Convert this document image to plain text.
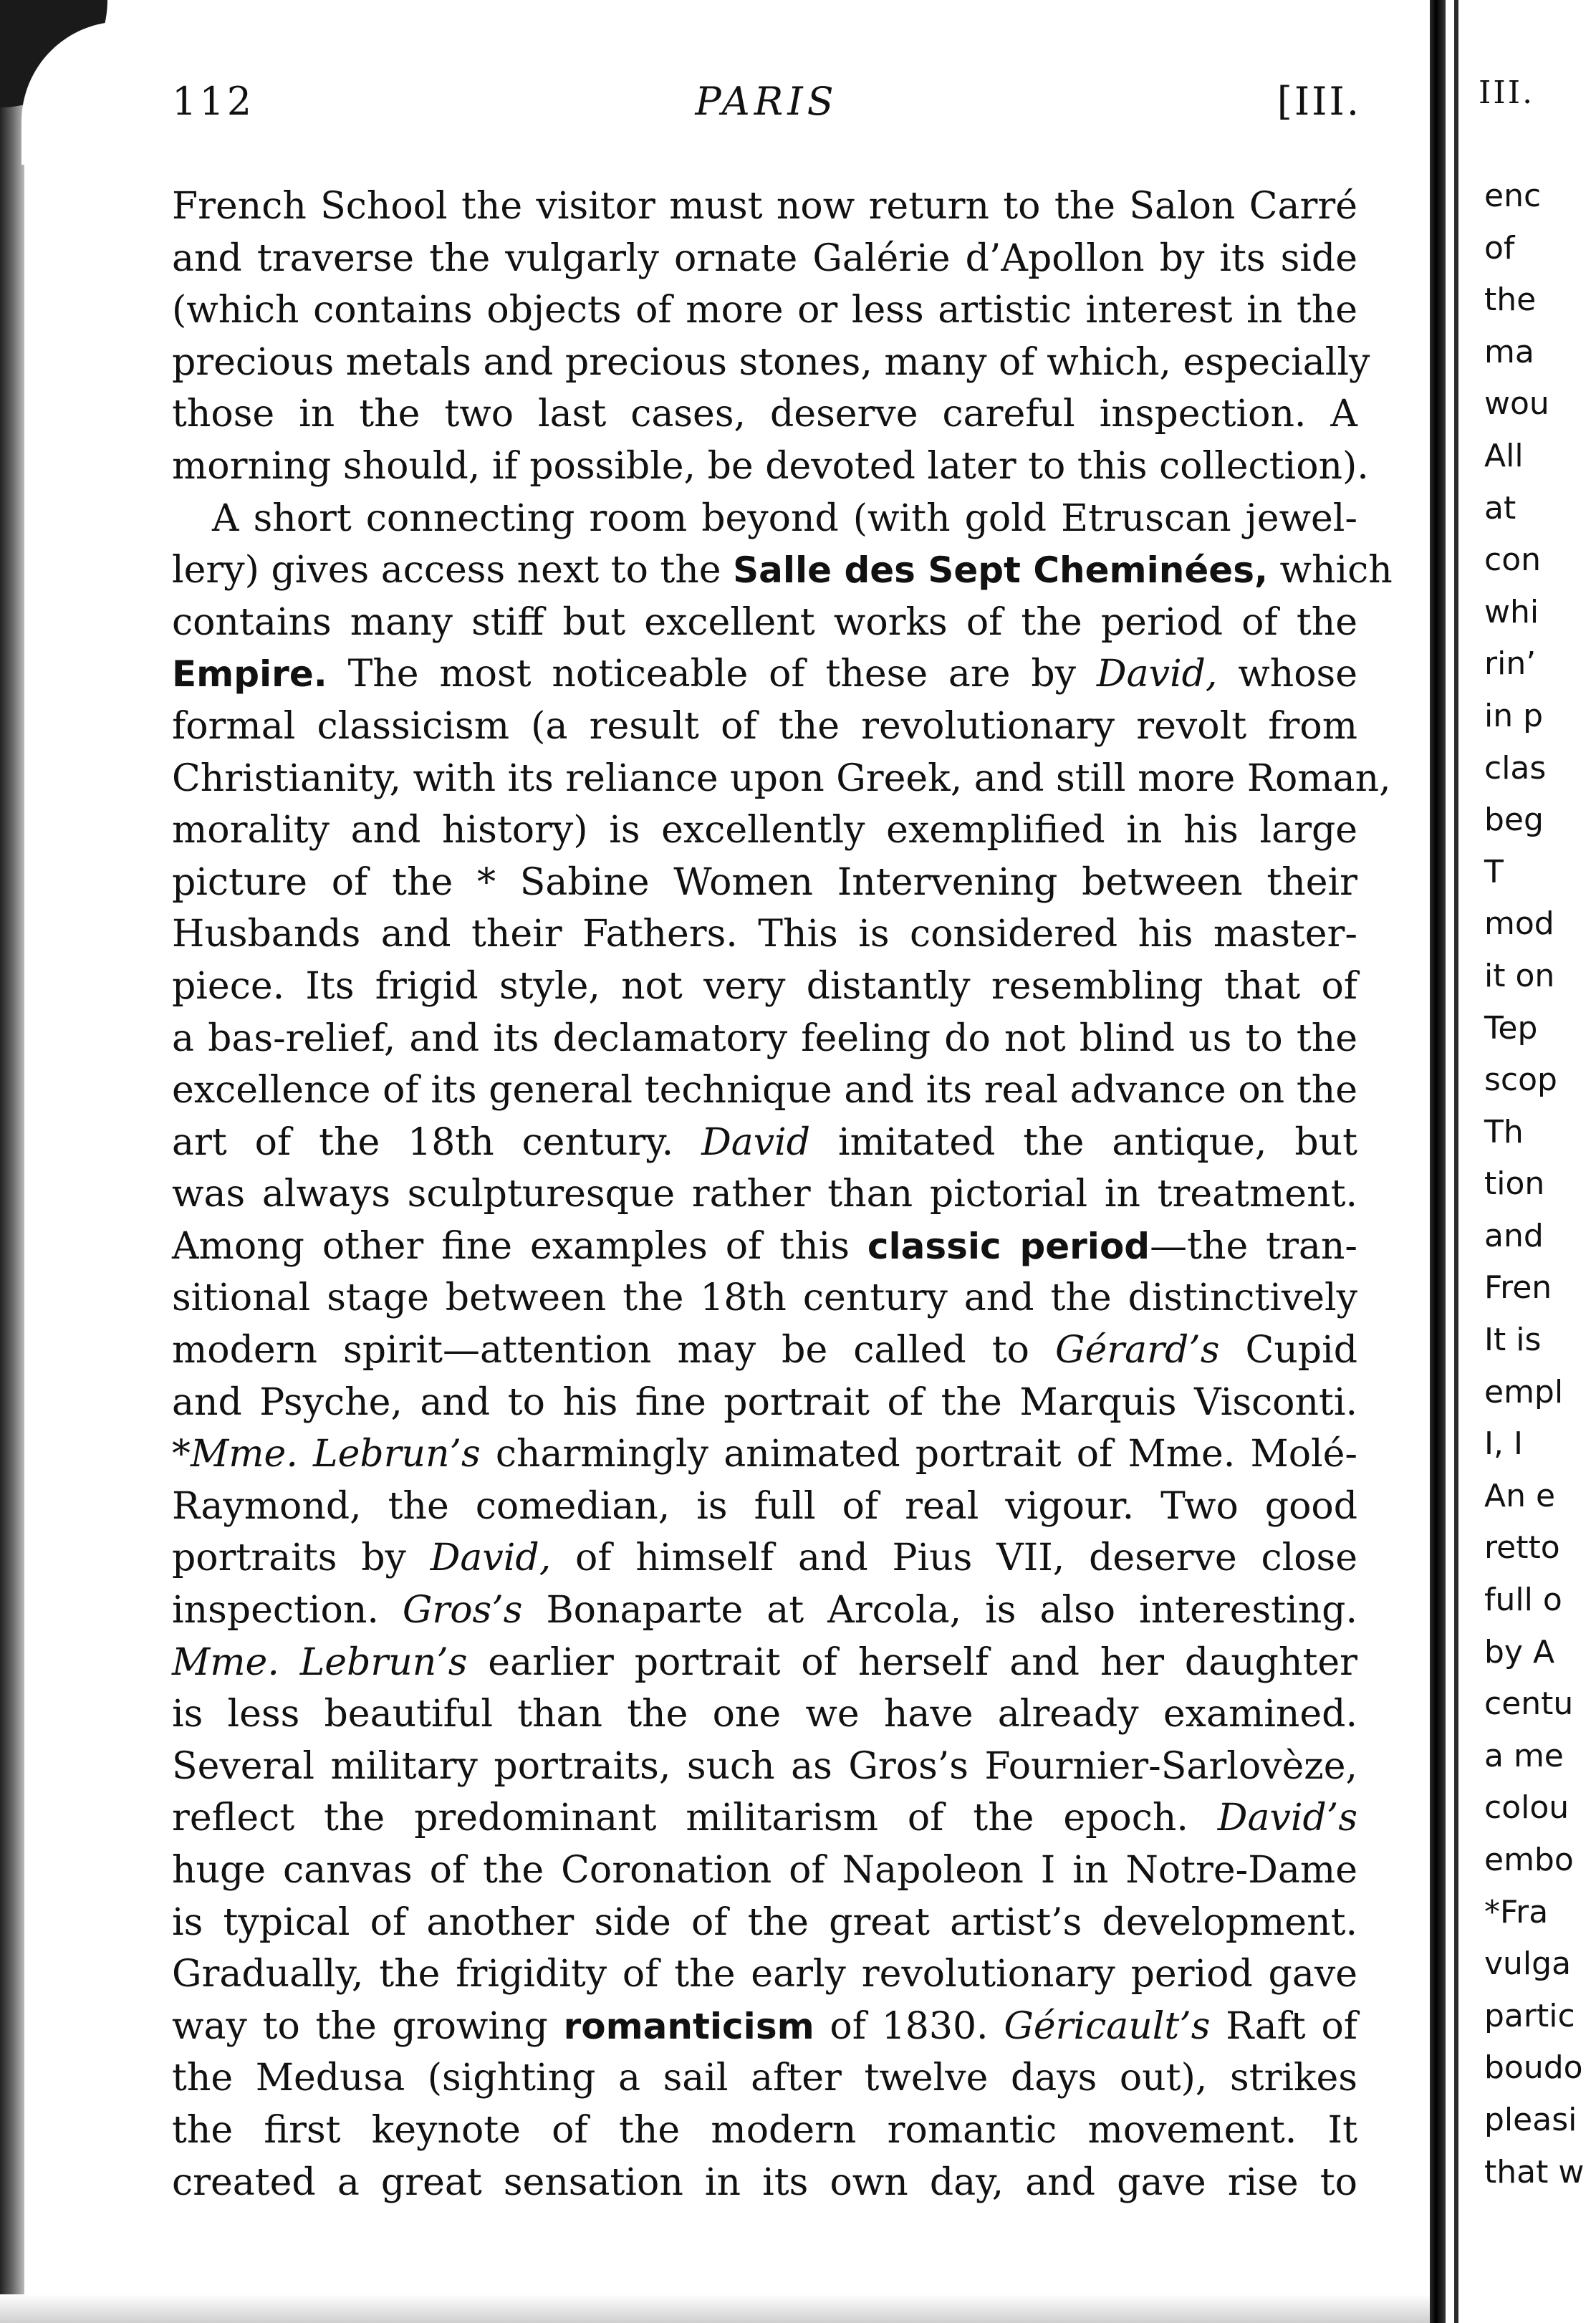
112	PARIS	[III.
French School the visitor must now return to the Salon Carré
and traverse the vulgarly ornate Galérie d’Apollon by its side
(which contains objects of more or less artistic interest in the
precious metals and precious stones, many of which, especially
those in the two last cases, deserve careful inspection. A
morning should, if possible, be devoted later to this collection).
A short connecting room beyond (with gold Etruscan jewel-
lery) gives access next to the Salle des Sept Cheminées, which
contains many stiff but excellent works of the period of the
Empire. The most noticeable of these are by David, whose
formal classicism (a result of the revolutionary revolt from
Christianity, with its reliance upon Greek, and still more Roman,
morality and history) is excellently exemplified in his large
picture of the * Sabine Women Intervening between their
Husbands and their Fathers. This is considered his master-
piece. Its frigid style, not very distantly resembling that of
a bas-relief, and its declamatory feeling do not blind us to the
excellence of its general technique and its real advance on the
art of the 18th century. David imitated the antique, but
was always sculpturesque rather than pictorial in treatment.
Among other fine examples of this classic period—the tran-
sitional stage between the 18th century and the distinctively
modern spirit—attention may be called to Gérard’s Cupid
and Psyche, and to his fine portrait of the Marquis Visconti.
*Mme. Lebrun’s charmingly animated portrait of Mme. Molé-
Raymond, the comedian, is full of real vigour. Two good
portraits by David, of himself and Pius VII, deserve close
inspection. Gros’s Bonaparte at Arcola, is also interesting.
Mme. Lebrun’s earlier portrait of herself and her daughter
is less beautiful than the one we have already examined.
Several military portraits, such as Gros’s Fournier-Sarlovèze,
reflect the predominant militarism of the epoch. David’s
huge canvas of the Coronation of Napoleon I in Notre-Dame
is typical of another side of the great artist’s development.
Gradually, the frigidity of the early revolutionary period gave
way to the growing romanticism of 1830. Géricault’s Raft of
the Medusa (sighting a sail after twelve days out), strikes
the first keynote of the modern romantic movement. It
created a great sensation in its own day, and gave rise to
III.
enc
of
the
ma
wou
All
at
con
whi
rin’
in p
clas
beg
T
mod
it on
Tep
scop
Th
tion
and
Fren
It is
empl
I, I
An e
retto
full o
by A
centu
a me
colou
embo
*Fra
vulga
partic
boudo
pleasi
that w
